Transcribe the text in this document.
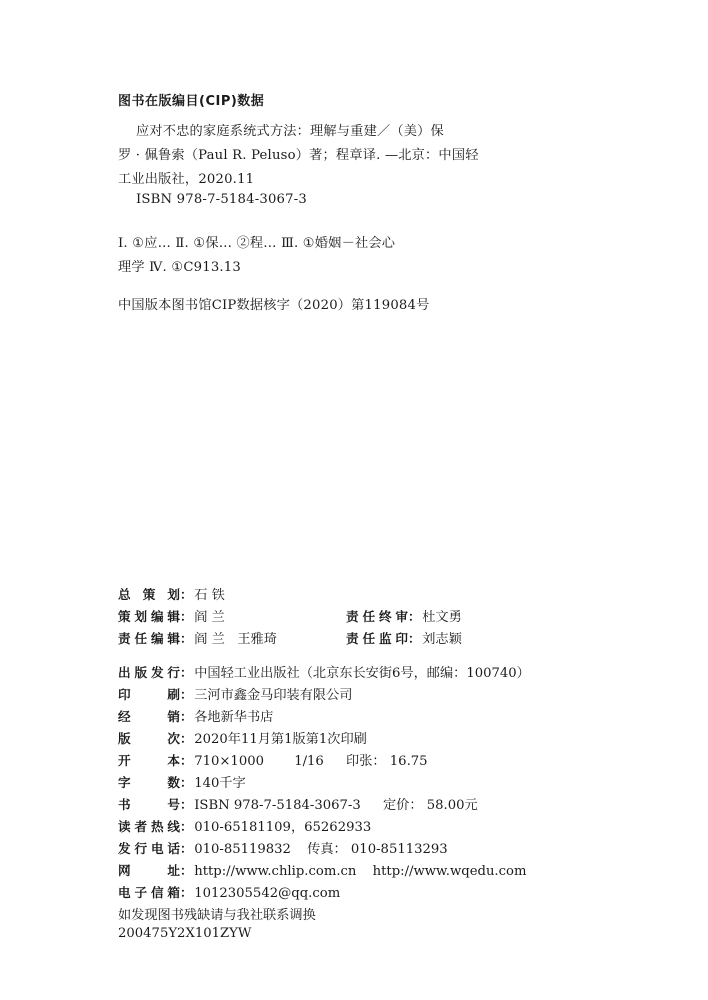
图书在版编目(CIP)数据
应对不忠的家庭系统式方法：理解与重建／（美）保
罗 · 佩鲁索（Paul R. Peluso）著；程章译. —北京：中国轻
工业出版社，2020.11
ISBN 978-7-5184-3067-3
Ⅰ. ①应… Ⅱ. ①保… ②程… Ⅲ. ①婚姻－社会心
理学 Ⅳ. ①C913.13
中国版本图书馆CIP数据核字（2020）第119084号
总策划： 石 铁
策划编辑： 阎 兰	责任终审： 杜文勇
责任编辑： 阎 兰   王雅琦	责任监印： 刘志颖
出版发行： 中国轻工业出版社（北京东长安街6号，邮编：100740）
印刷： 三河市鑫金马印装有限公司
经销： 各地新华书店
版次： 2020年11月第1版第1次印刷
开本： 710×1000 1/16 印张： 16.75
字数： 140千字
书号： ISBN 978-7-5184-3067-3 定价： 58.00元
读者热线： 010-65181109，65262933
发行电话： 010-85119832 传真： 010-85113293
网址： http://www.chlip.com.cn http://www.wqedu.com
电子信箱： 1012305542@qq.com
如发现图书残缺请与我社联系调换
200475Y2X101ZYW
